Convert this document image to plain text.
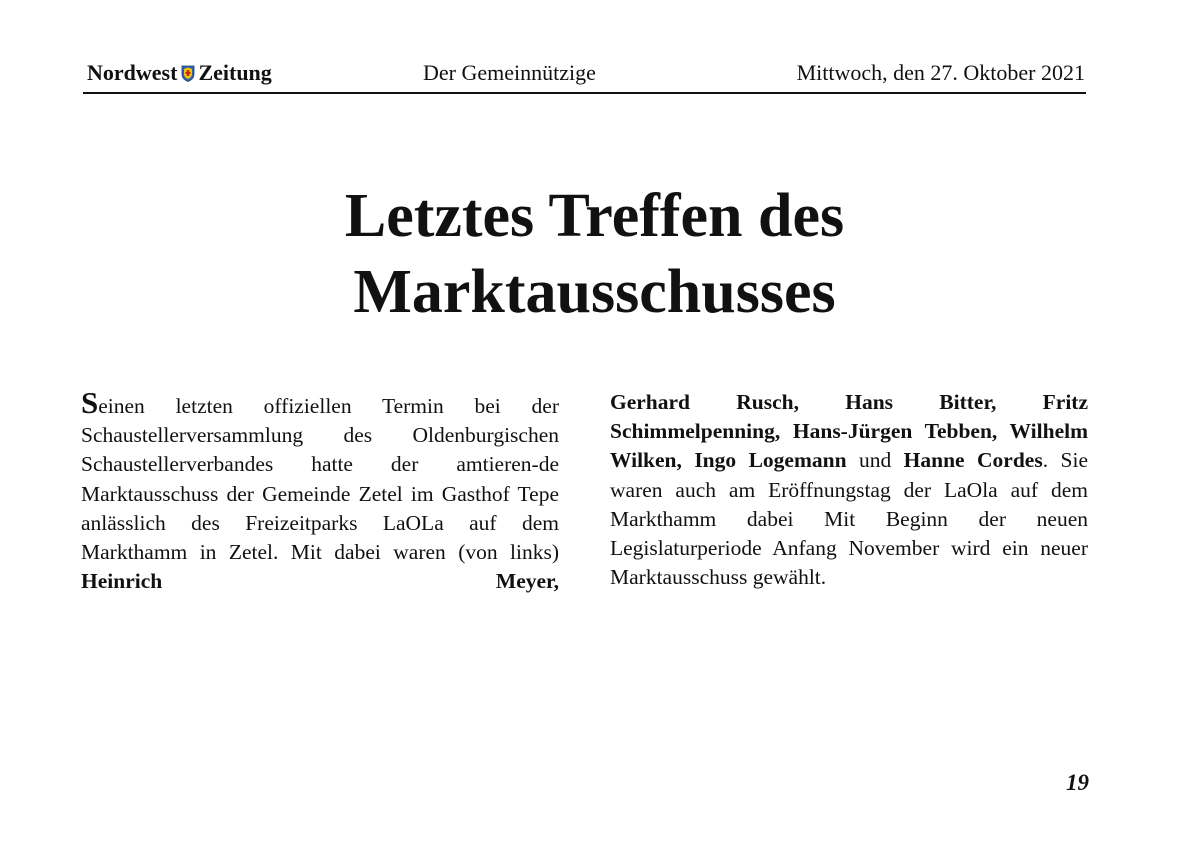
Nordwest Zeitung	Der Gemeinnützige	Mittwoch, den 27. Oktober 2021
Letztes Treffen des
Marktausschusses
Seinen letzten offiziellen Termin bei der Schaustellerversammlung des Oldenburgischen Schaustellerverbandes hatte der amtieren-de Marktausschuss der Gemeinde Zetel im Gasthof Tepe anlässlich des Freizeitparks LaOLa auf dem Markthamm in Zetel. Mit dabei waren (von links) Heinrich Meyer,
Gerhard Rusch, Hans Bitter, Fritz Schimmelpenning, Hans-Jürgen Tebben, Wilhelm Wilken, Ingo Logemann und Hanne Cordes. Sie waren auch am Eröffnungstag der LaOla auf dem Markthamm dabei Mit Beginn der neuen Legislaturperiode Anfang November wird ein neuer Marktausschuss gewählt.
19
